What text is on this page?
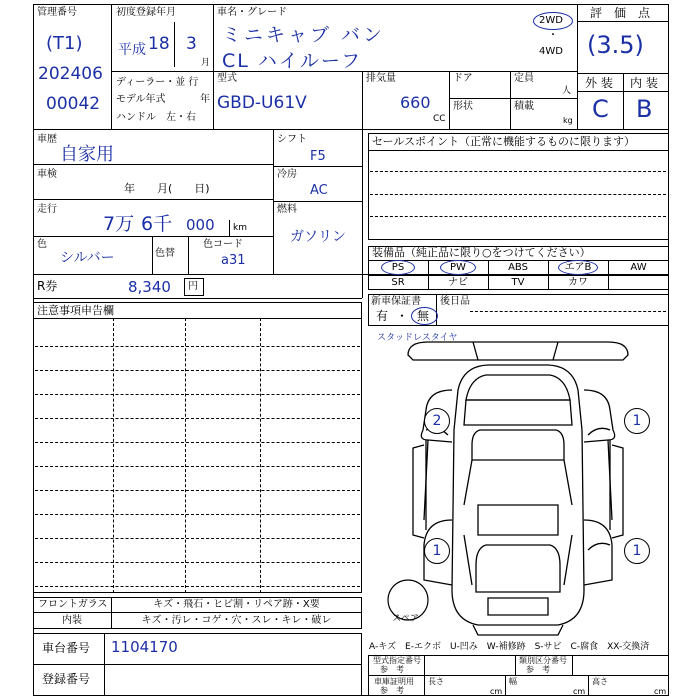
管理番号
(T1)
202406
00042
初度登録年月
平成 18 3
月
ディーラー・並 行
モデル年式	年
ハンドル　左・右
車名・グレード
ミニキャブ バン
CL ハイルーフ
2WD
・
4WD
型式
GBD-U61V
排気量
660
CC
ドア
形状
定員
人
積載
kg
評　価　点
(3.5)
外 装 内 装
C B
車歴
自家用
車検
年　　月(　　日)
走行
7万 6千 000 km
色
シルバー	色替
色コード
a31
シフト
F5
冷房
AC
燃料
ガソリン
R券	8,340 円
セールスポイント（正常に機能するものに限ります）
装備品（純正品に限り○をつけてください）
PS	PW	ABS	エアB	AW
SR	ナビ	TV	カワ
新車保証書
有 ・ 無
後日品
注意事項申告欄
フロントガラス	キズ・飛石・ヒビ割・リペア跡・X要
内装	キズ・汚レ・コゲ・穴・スレ・キレ・破レ
車台番号 1104170
登録番号
A-キズ　E-エクボ　U-凹み　W-補修跡　S-サビ　C-腐食　XX-交換済
型式指定番号
参　考
類別区分番号
参　考
車庫証明用
参　考
長さ
cm
幅
cm
高さ
cm
スタッドレスタイヤ
スペア
2	1
1	1
